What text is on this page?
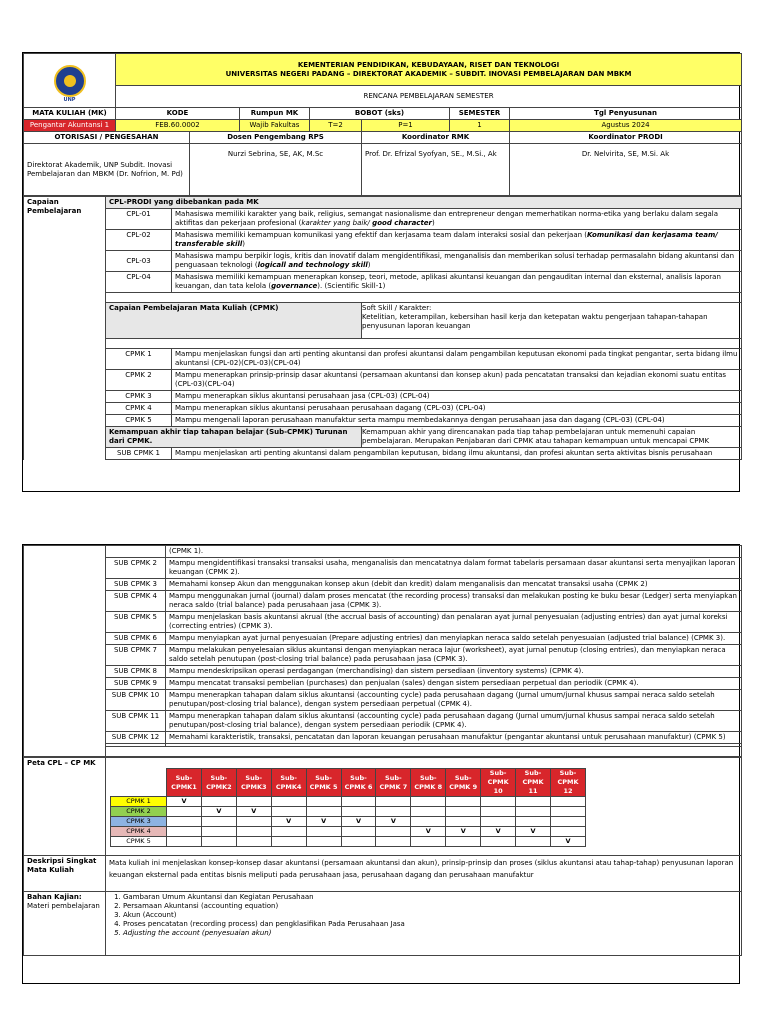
UNP	KEMENTERIAN PENDIDIKAN, KEBUDAYAAN, RISET DAN TEKNOLOGI
UNIVERSITAS NEGERI PADANG – DIREKTORAT AKADEMIK – SUBDIT. INOVASI PEMBELAJARAN DAN MBKM						

	RENCANA PEMBELAJARAN SEMESTER						
MATA KULIAH (MK)	KODE		Rumpun MK	BOBOT (sks)		SEMESTER	Tgl Penyusunan
Pengantar Akuntansi 1	FEB.60.0002		Wajib Fakultas	T=2	P=1	1	Agustus 2024
OTORISASI / PENGESAHAN		Dosen Pengembang RPS			Koordinator RMK		Koordinator PRODI
Direktorat Akademik, UNP Subdit. Inovasi Pembelajaran dan MBKM (Dr. Nofrion, M. Pd)		Nurzi Sebrina, SE, AK, M.Sc			Prof. Dr. Efrizal Syofyan, SE., M.Si., Ak		Dr. Nelvirita, SE, M.Si. Ak
Capaian Pembelajaran	CPL-PRODI yang dibebankan pada MK		
	CPL-01	Mahasiswa memiliki karakter yang baik, religius, semangat nasionalisme dan entrepreneur dengan memerhatikan norma-etika yang berlaku dalam segala aktifitas dan pekerjaan profesional (karakter yang baik/ good character)	
	CPL-02	Mahasiswa memiliki kemampuan komunikasi yang efektif dan kerjasama team dalam interaksi sosial dan pekerjaan (Komunikasi dan kerjasama team/ transferable skill)	
	CPL-03	Mahasiswa mampu berpikir logis, kritis dan inovatif dalam mengidentifikasi, menganalisis dan memberikan solusi terhadap permasalahn bidang akuntansi dan penguasaan teknologi (logicall and technology skill)	
	CPL-04	Mahasiswa memiliki kemampuan menerapkan konsep, teori, metode, aplikasi akuntansi keuangan dan pengauditan internal dan eksternal, analisis laporan keuangan, dan tata kelola (governance). (Scientific Skill-1)	

	Capaian Pembelajaran Mata Kuliah (CPMK)		Soft Skill / Karakter:
Ketelitian, keterampilan, kebersihan hasil kerja dan ketepatan waktu pengerjaan tahapan-tahapan penyusunan laporan keuangan

	CPMK 1	Mampu menjelaskan fungsi dan arti penting akuntansi dan profesi akuntansi dalam pengambilan keputusan ekonomi pada tingkat pengantar, serta bidang ilmu akuntansi (CPL-02)(CPL-03)(CPL-04)	
	CPMK 2	Mampu menerapkan prinsip-prinsip dasar akuntansi (persamaan akuntansi dan konsep akun) pada pencatatan transaksi dan kejadian ekonomi suatu entitas (CPL-03)(CPL-04)	
	CPMK 3	Mampu menerapkan siklus akuntansi perusahaan jasa (CPL-03) (CPL-04)	
	CPMK 4	Mampu menerapkan siklus akuntansi perusahaan perusahaan dagang (CPL-03) (CPL-04)	
	CPMK 5	Mampu mengenali laporan perusahaan manufaktur serta mampu membedakannya dengan perusahaan jasa dan dagang (CPL-03) (CPL-04)	
	Kemampuan akhir tiap tahapan belajar (Sub-CPMK) Turunan dari CPMK.		Kemampuan akhir yang direncanakan pada tiap tahap pembelajaran untuk memenuhi capaian pembelajaran. Merupakan Penjabaran dari CPMK atau tahapan kemampuan untuk mencapai CPMK
	SUB CPMK 1	Mampu menjelaskan arti penting akuntansi dalam pengambilan keputusan, bidang ilmu akuntansi, dan profesi akuntan serta aktivitas bisnis perusahaan	
		(CPMK 1).
	SUB CPMK 2	Mampu mengidentifikasi transaksi transaksi usaha, menganalisis dan mencatatnya dalam format tabelaris persamaan dasar akuntansi serta menyajikan laporan keuangan (CPMK 2).
	SUB CPMK 3	Memahami konsep Akun dan menggunakan konsep akun (debit dan kredit) dalam menganalisis dan mencatat transaksi usaha (CPMK 2)
	SUB CPMK 4	Mampu menggunakan jurnal (journal) dalam proses mencatat (the recording process) transaksi dan melakukan posting ke buku besar (Ledger) serta menyiapkan neraca saldo (trial balance) pada perusahaan jasa (CPMK 3).
	SUB CPMK 5	Mampu menjelaskan basis akuntansi akrual (the accrual basis of accounting) dan penalaran ayat jurnal penyesuaian (adjusting entries) dan ayat jurnal koreksi (correcting entries) (CPMK 3).
	SUB CPMK 6	Mampu menyiapkan ayat jurnal penyesuaian (Prepare adjusting entries) dan menyiapkan neraca saldo setelah penyesuaian (adjusted trial balance) (CPMK 3).
	SUB CPMK 7	Mampu melakukan penyelesaian siklus akuntansi dengan menyiapkan neraca lajur (worksheet), ayat jurnal penutup (closing entries), dan menyiapkan neraca saldo setelah penutupan (post-closing trial balance) pada perusahaan jasa (CPMK 3).
	SUB CPMK 8	Mampu mendeskripsikan operasi perdagangan (merchandising) dan sistem persediaan (inventory systems) (CPMK 4).
	SUB CPMK 9	Mampu mencatat transaksi pembelian (purchases) dan penjualan (sales) dengan sistem persediaan perpetual dan periodik (CPMK 4).
	SUB CPMK 10	Mampu menerapkan tahapan dalam siklus akuntansi (accounting cycle) pada perusahaan dagang (Jurnal umum/jurnal khusus sampai neraca saldo setelah penutupan/post-closing trial balance), dengan system persediaan perpetual (CPMK 4).
	SUB CPMK 11	Mampu menerapkan tahapan dalam siklus akuntansi (accounting cycle) pada perusahaan dagang (Jurnal umum/jurnal khusus sampai neraca saldo setelah penutupan/post-closing trial balance), dengan system persediaan periodik (CPMK 4).
	SUB CPMK 12	Memahami karakteristik, transaksi, pencatatan dan laporan keuangan perusahaan manufaktur (pengantar akuntansi untuk perusahaan manufaktur) (CPMK 5)

Peta CPL – CP MK	
	Sub-CPMK1	Sub-CPMK2	Sub-CPMK3	Sub-CPMK4	Sub-CPMK 5	Sub-CPMK 6	Sub-CPMK 7	Sub-CPMK 8	Sub-CPMK 9	Sub-CPMK 10	Sub-CPMK 11	Sub-CPMK 12
CPMK 1	V											
CPMK 2		V	V									
CPMK 3				V	V	V	V					
CPMK 4								V	V	V	V	
CPMK 5												V

Deskripsi Singkat Mata Kuliah	Mata kuliah ini menjelaskan konsep-konsep dasar akuntansi (persamaan akuntansi dan akun), prinsip-prinsip dan proses (siklus akuntansi atau tahap-tahap) penyusunan laporan keuangan eksternal pada entitas bisnis meliputi pada perusahaan jasa, perusahaan dagang dan perusahaan manufaktur

Bahan Kajian:
Materi pembelajaran

1. Gambaran Umum Akuntansi dan Kegiatan Perusahaan
2. Persamaan Akuntansi (accounting equation)
3. Akun (Account)
4. Proses pencatatan (recording process) dan pengklasifikan Pada Perusahaan Jasa
5. Adjusting the account (penyesuaian akun)
